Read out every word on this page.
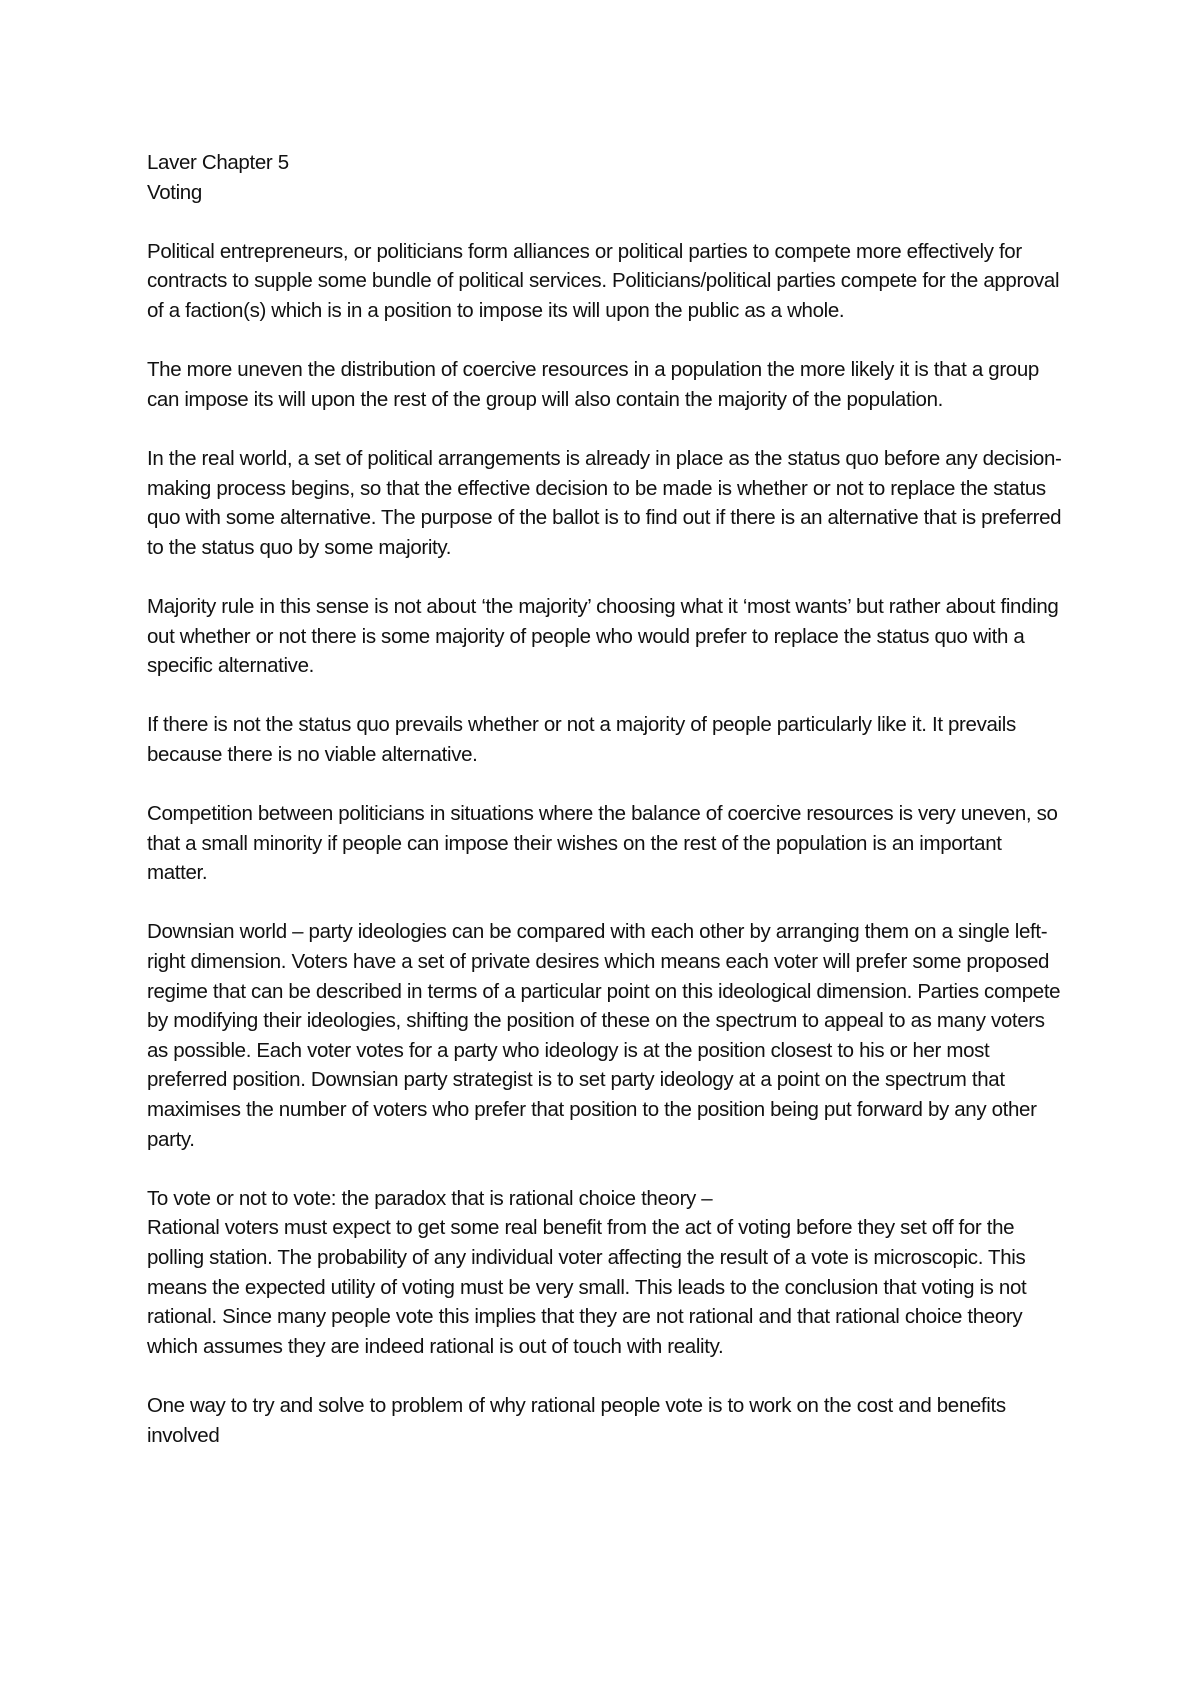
Laver Chapter 5
Voting

Political entrepreneurs, or politicians form alliances or political parties to compete more effectively for contracts to supple some bundle of political services. Politicians/political parties compete for the approval of a faction(s) which is in a position to impose its will upon the public as a whole.

The more uneven the distribution of coercive resources in a population the more likely it is that a group can impose its will upon the rest of the group will also contain the majority of the population.

In the real world, a set of political arrangements is already in place as the status quo before any decision-making process begins, so that the effective decision to be made is whether or not to replace the status quo with some alternative. The purpose of the ballot is to find out if there is an alternative that is preferred to the status quo by some majority.

Majority rule in this sense is not about ‘the majority’ choosing what it ‘most wants’ but rather about finding out whether or not there is some majority of people who would prefer to replace the status quo with a specific alternative.

If there is not the status quo prevails whether or not a majority of people particularly like it. It prevails because there is no viable alternative.

Competition between politicians in situations where the balance of coercive resources is very uneven, so that a small minority if people can impose their wishes on the rest of the population is an important matter.

Downsian world – party ideologies can be compared with each other by arranging them on a single left-right dimension. Voters have a set of private desires which means each voter will prefer some proposed regime that can be described in terms of a particular point on this ideological dimension. Parties compete by modifying their ideologies, shifting the position of these on the spectrum to appeal to as many voters as possible. Each voter votes for a party who ideology is at the position closest to his or her most preferred position. Downsian party strategist is to set party ideology at a point on the spectrum that maximises the number of voters who prefer that position to the position being put forward by any other party.

To vote or not to vote: the paradox that is rational choice theory –

Rational voters must expect to get some real benefit from the act of voting before they set off for the polling station. The probability of any individual voter affecting the result of a vote is microscopic. This means the expected utility of voting must be very small. This leads to the conclusion that voting is not rational. Since many people vote this implies that they are not rational and that rational choice theory which assumes they are indeed rational is out of touch with reality.

One way to try and solve to problem of why rational people vote is to work on the cost and benefits involved
